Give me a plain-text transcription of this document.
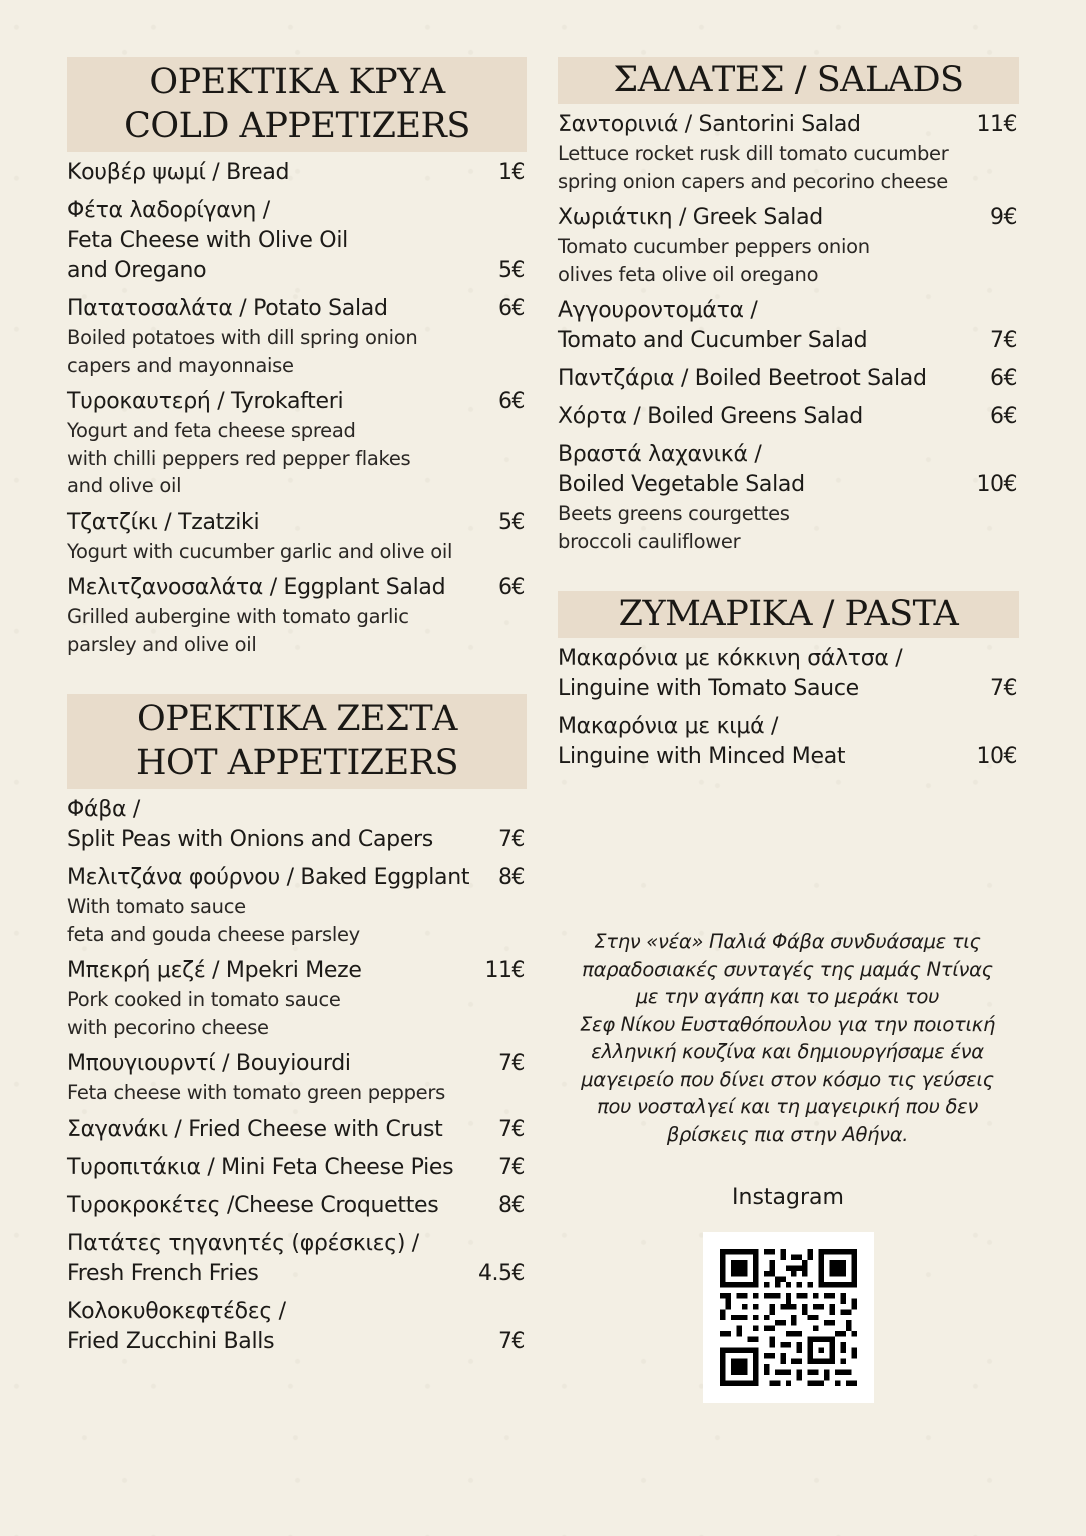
ΟΡΕΚΤΙΚΑ ΚΡΥΑ
COLD APPETIZERS
Κουβέρ ψωμί / Bread	1€
Φέτα λαδορίγανη /
Feta Cheese with Olive Oil
and Oregano	5€
Πατατοσαλάτα / Potato Salad
Boiled potatoes with dill spring onion
capers and mayonnaise
6€
Τυροκαυτερή / Tyrokafteri
Yogurt and feta cheese spread
with chilli peppers red pepper flakes
and olive oil
6€
Τζατζίκι / Tzatziki
Yogurt with cucumber garlic and olive oil
5€
Μελιτζανοσαλάτα / Eggplant Salad
Grilled aubergine with tomato garlic
parsley and olive oil
6€
ΟΡΕΚΤΙΚΑ ΖΕΣΤΑ
HOT APPETIZERS
Φάβα /
Split Peas with Onions and Capers	7€
Μελιτζάνα φούρνου / Baked Eggplant
With tomato sauce
feta and gouda cheese parsley
8€
Μπεκρή μεζέ / Mpekri Meze
Pork cooked in tomato sauce
with pecorino cheese
11€
Μπουγιουρντί / Bouyiourdi
Feta cheese with tomato green peppers
7€
Σαγανάκι / Fried Cheese with Crust	7€
Τυροπιτάκια / Mini Feta Cheese Pies	7€
Τυροκροκέτες /Cheese Croquettes	8€
Πατάτες τηγανητές (φρέσκιες) /
Fresh French Fries	4.5€
Κολοκυθοκεφτέδες /
Fried Zucchini Balls	7€
ΣΑΛΑΤΕΣ / SALADS
Σαντορινιά / Santorini Salad
Lettuce rocket rusk dill tomato cucumber
spring onion capers and pecorino cheese
11€
Χωριάτικη / Greek Salad
Tomato cucumber peppers onion
olives feta olive oil oregano
9€
Αγγουροντομάτα /
Tomato and Cucumber Salad	7€
Παντζάρια / Boiled Beetroot Salad	6€
Χόρτα / Boiled Greens Salad	6€
Βραστά λαχανικά /
Boiled Vegetable Salad
Beets greens courgettes
broccoli cauliflower
10€
ΖΥΜΑΡΙΚΑ / PASTA
Μακαρόνια με κόκκινη σάλτσα /
Linguine with Tomato Sauce	7€
Μακαρόνια με κιμά /
Linguine with Minced Meat	10€
Στην «νέα» Παλιά Φάβα συνδυάσαμε τις
παραδοσιακές συνταγές της μαμάς Ντίνας
με την αγάπη και το μεράκι του
Σεφ Νίκου Ευσταθόπουλου για την ποιοτική
ελληνική κουζίνα και δημιουργήσαμε ένα
μαγειρείο που δίνει στον κόσμο τις γεύσεις
που νοσταλγεί και τη μαγειρική που δεν
βρίσκεις πια στην Αθήνα.
Instagram
